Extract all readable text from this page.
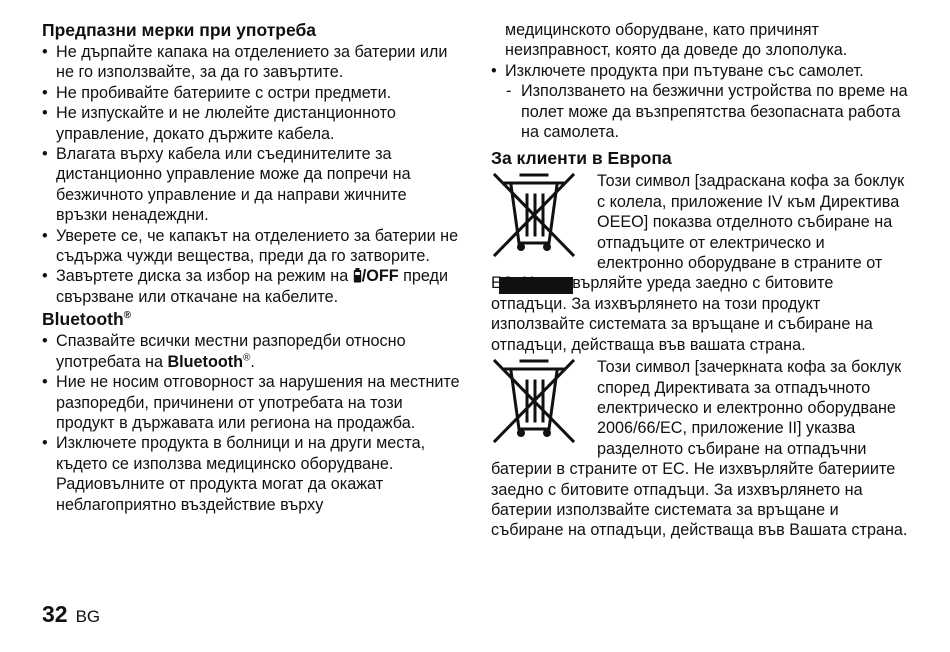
Предпазни мерки при употреба
• Не дърпайте капака на отделението за батерии или не го използвайте, за да го завъртите.
• Не пробивайте батериите с остри предмети.
• Не изпускайте и не люлейте дистанционното управление, докато държите кабела.
• Влагата върху кабела или съединителите за дистанционно управление може да попречи на безжичното управление и да направи жичните връзки ненадеждни.
• Уверете се, че капакът на отделението за батерии не съдържа чужди вещества, преди да го затворите.
• Завъртете диска за избор на режим на /OFF преди свързване или откачане на кабелите.
Bluetooth®
• Спазвайте всички местни разпоредби относно употребата на Bluetooth®.
• Ние не носим отговорност за нарушения на местните разпоредби, причинени от употребата на този продукт в държавата или региона на продажба.
• Изключете продукта в болници и на други места, където се използва медицинско оборудване.
Радиовълните от продукта могат да окажат неблагоприятно въздействие върху
медицинското оборудване, като причинят неизправност, която да доведе до злополука.
• Изключете продукта при пътуване със самолет.
- Използването на безжични устройства по време на полет може да възпрепятства безопасната работа на самолета.
За клиенти в Европа
Този символ [задраскана кофа за боклук с колела, приложение IV към Директива ОЕЕО] показва отделното събиране на отпадъците от електрическо и електронно оборудване в страните от ЕС. Не изхвърляйте уреда заедно с битовите отпадъци. За изхвърлянето на този продукт използвайте системата за връщане и събиране на отпадъци, действаща във вашата страна.
Този символ [зачеркната кофа за боклук според Директивата за отпадъчното електрическо и електронно оборудване 2006/66/ЕС, приложение II] указва разделното събиране на отпадъчни батерии в страните от ЕС. Не изхвърляйте батериите заедно с битовите отпадъци. За изхвърлянето на батерии използвайте системата за връщане и събиране на отпадъци, действаща във Вашата страна.
32 BG
